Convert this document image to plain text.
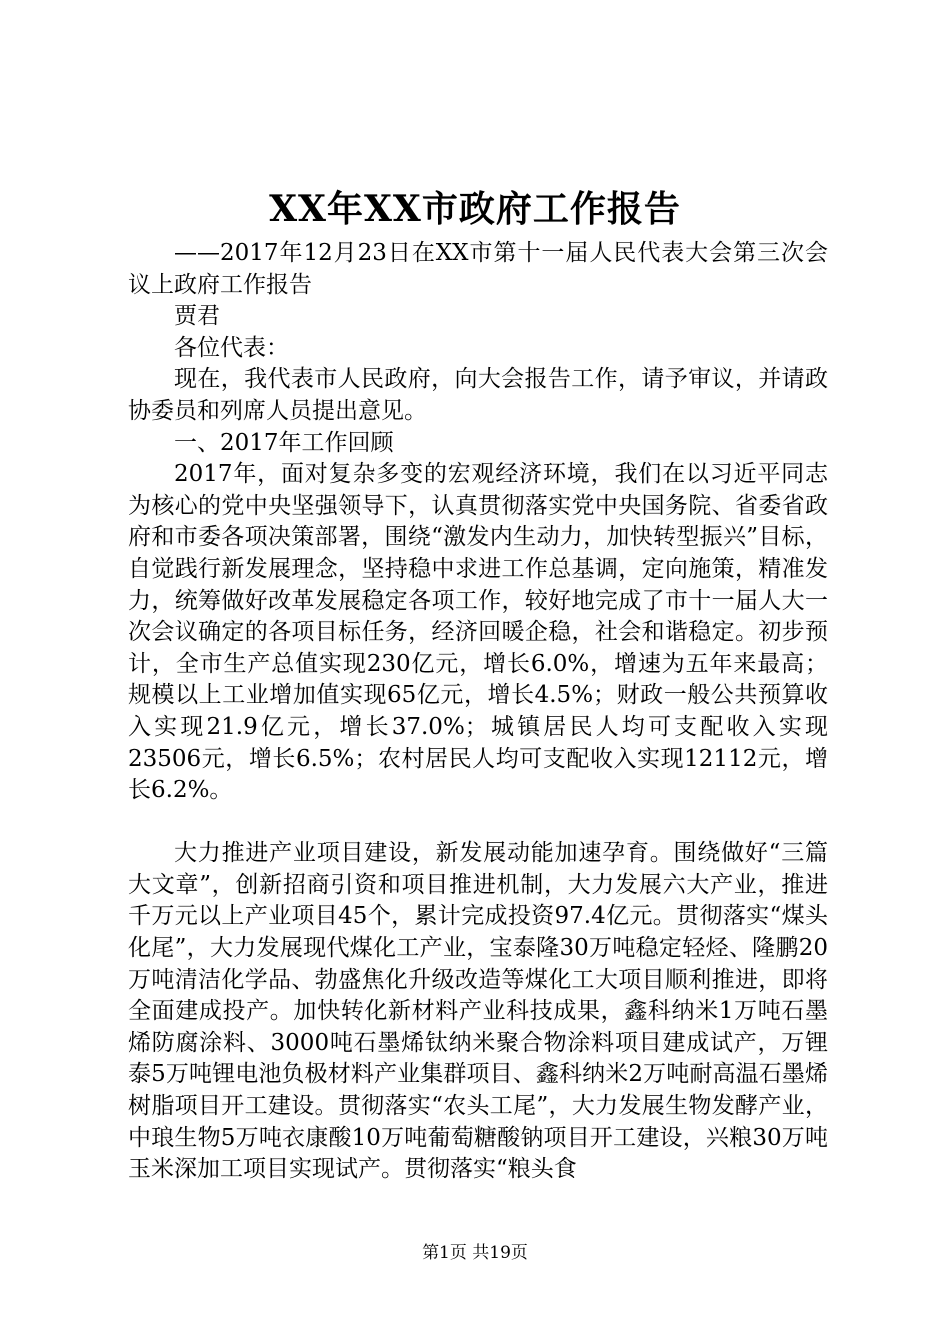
XX年XX市政府工作报告

——2017年12月23日在XX市第十一届人民代表大会第三次会议上政府工作报告

贾君

各位代表：

现在，我代表市人民政府，向大会报告工作，请予审议，并请政协委员和列席人员提出意见。

一、2017年工作回顾

2017年，面对复杂多变的宏观经济环境，我们在以习近平同志为核心的党中央坚强领导下，认真贯彻落实党中央国务院、省委省政府和市委各项决策部署，围绕“激发内生动力，加快转型振兴”目标，自觉践行新发展理念，坚持稳中求进工作总基调，定向施策，精准发力，统筹做好改革发展稳定各项工作，较好地完成了市十一届人大一次会议确定的各项目标任务，经济回暖企稳，社会和谐稳定。初步预计，全市生产总值实现230亿元，增长6.0%，增速为五年来最高；规模以上工业增加值实现65亿元，增长4.5%；财政一般公共预算收入实现21.9亿元，增长37.0%；城镇居民人均可支配收入实现23506元，增长6.5%；农村居民人均可支配收入实现12112元，增长6.2%。

大力推进产业项目建设，新发展动能加速孕育。围绕做好“三篇大文章”，创新招商引资和项目推进机制，大力发展六大产业，推进千万元以上产业项目45个，累计完成投资97.4亿元。贯彻落实“煤头化尾”，大力发展现代煤化工产业，宝泰隆30万吨稳定轻烃、隆鹏20万吨清洁化学品、勃盛焦化升级改造等煤化工大项目顺利推进，即将全面建成投产。加快转化新材料产业科技成果，鑫科纳米1万吨石墨烯防腐涂料、3000吨石墨烯钛纳米聚合物涂料项目建成试产，万锂泰5万吨锂电池负极材料产业集群项目、鑫科纳米2万吨耐高温石墨烯树脂项目开工建设。贯彻落实“农头工尾”，大力发展生物发酵产业，中琅生物5万吨衣康酸10万吨葡萄糖酸钠项目开工建设，兴粮30万吨玉米深加工项目实现试产。贯彻落实“粮头食

第1页 共19页
